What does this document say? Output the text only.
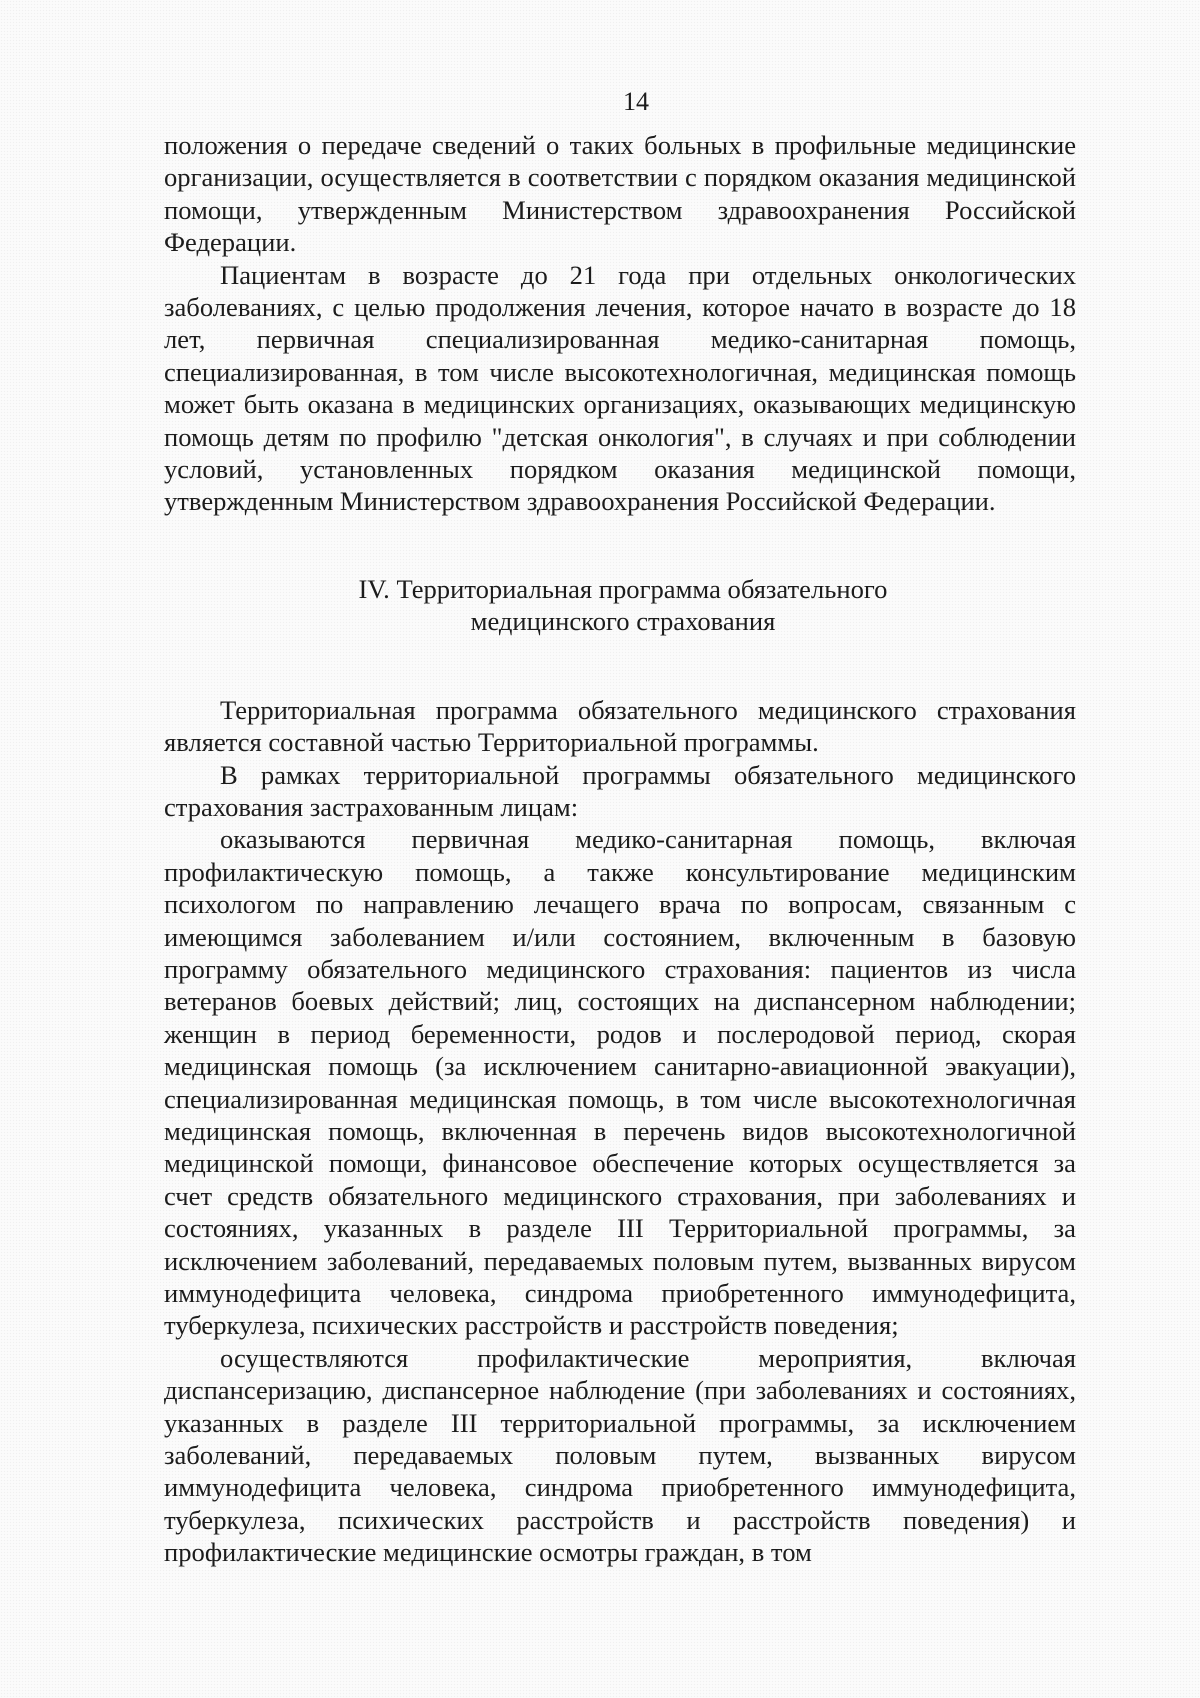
14

положения о передаче сведений о таких больных в профильные медицинские организации, осуществляется в соответствии с порядком оказания медицинской помощи, утвержденным Министерством здравоохранения Российской Федерации.

Пациентам в возрасте до 21 года при отдельных онкологических заболеваниях, с целью продолжения лечения, которое начато в возрасте до 18 лет, первичная специализированная медико-санитарная помощь, специализированная, в том числе высокотехнологичная, медицинская помощь может быть оказана в медицинских организациях, оказывающих медицинскую помощь детям по профилю "детская онкология", в случаях и при соблюдении условий, установленных порядком оказания медицинской помощи, утвержденным Министерством здравоохранения Российской Федерации.

IV. Территориальная программа обязательного
медицинского страхования

Территориальная программа обязательного медицинского страхования является составной частью Территориальной программы.

В рамках территориальной программы обязательного медицинского страхования застрахованным лицам:

оказываются первичная медико-санитарная помощь, включая профилактическую помощь, а также консультирование медицинским психологом по направлению лечащего врача по вопросам, связанным с имеющимся заболеванием и/или состоянием, включенным в базовую программу обязательного медицинского страхования: пациентов из числа ветеранов боевых действий; лиц, состоящих на диспансерном наблюдении; женщин в период беременности, родов и послеродовой период, скорая медицинская помощь (за исключением санитарно-авиационной эвакуации), специализированная медицинская помощь, в том числе высокотехнологичная медицинская помощь, включенная в перечень видов высокотехнологичной медицинской помощи, финансовое обеспечение которых осуществляется за счет средств обязательного медицинского страхования, при заболеваниях и состояниях, указанных в разделе III Территориальной программы, за исключением заболеваний, передаваемых половым путем, вызванных вирусом иммунодефицита человека, синдрома приобретенного иммунодефицита, туберкулеза, психических расстройств и расстройств поведения;

осуществляются профилактические мероприятия, включая диспансеризацию, диспансерное наблюдение (при заболеваниях и состояниях, указанных в разделе III территориальной программы, за исключением заболеваний, передаваемых половым путем, вызванных вирусом иммунодефицита человека, синдрома приобретенного иммунодефицита, туберкулеза, психических расстройств и расстройств поведения) и профилактические медицинские осмотры граждан, в том
